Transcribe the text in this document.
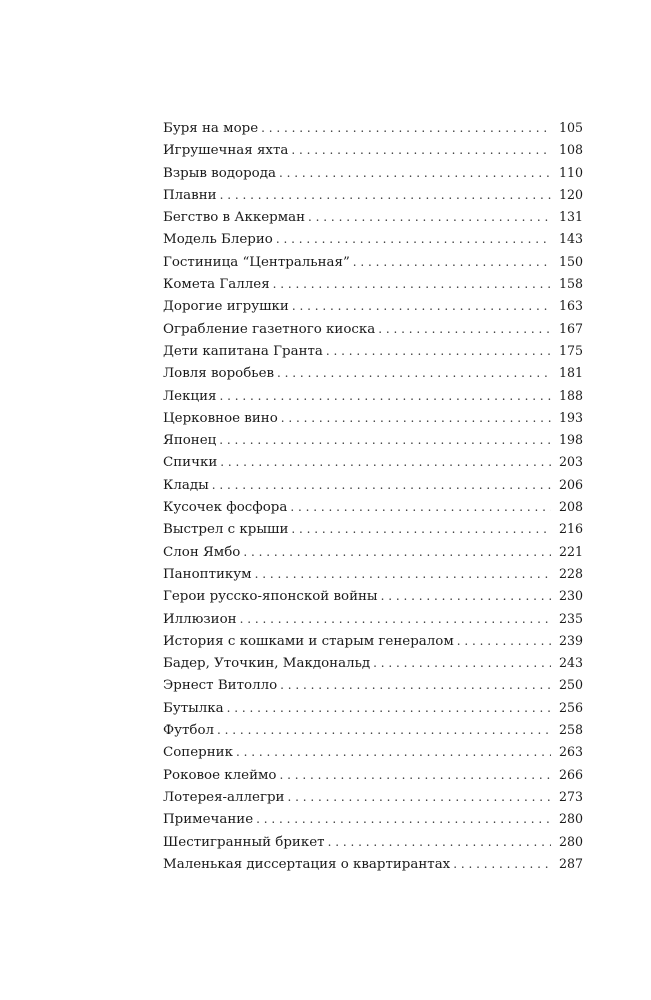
Буря на море . . .	105
Игрушечная яхта . . .	108
Взрыв водорода . . .	110
Плавни . . .	120
Бегство в Аккерман . . .	131
Модель Блерио . . .	143
Гостиница “Центральная” . . .	150
Комета Галлея . . .	158
Дорогие игрушки . . .	163
Ограбление газетного киоска . . .	167
Дети капитана Гранта . . .	175
Ловля воробьев . . .	181
Лекция . . .	188
Церковное вино . . .	193
Японец . . .	198
Спички . . .	203
Клады . . .	206
Кусочек фосфора . . .	208
Выстрел с крыши . . .	216
Слон Ямбо . . .	221
Паноптикум . . .	228
Герои русско-японской войны . . .	230
Иллюзион . . .	235
История с кошками и старым генералом . . .	239
Бадер, Уточкин, Макдональд . . .	243
Эрнест Витолло . . .	250
Бутылка . . .	256
Футбол . . .	258
Соперник . . .	263
Роковое клеймо . . .	266
Лотерея-аллегри . . .	273
Примечание . . .	280
Шестигранный брикет . . .	280
Маленькая диссертация о квартирантах . . .	287
